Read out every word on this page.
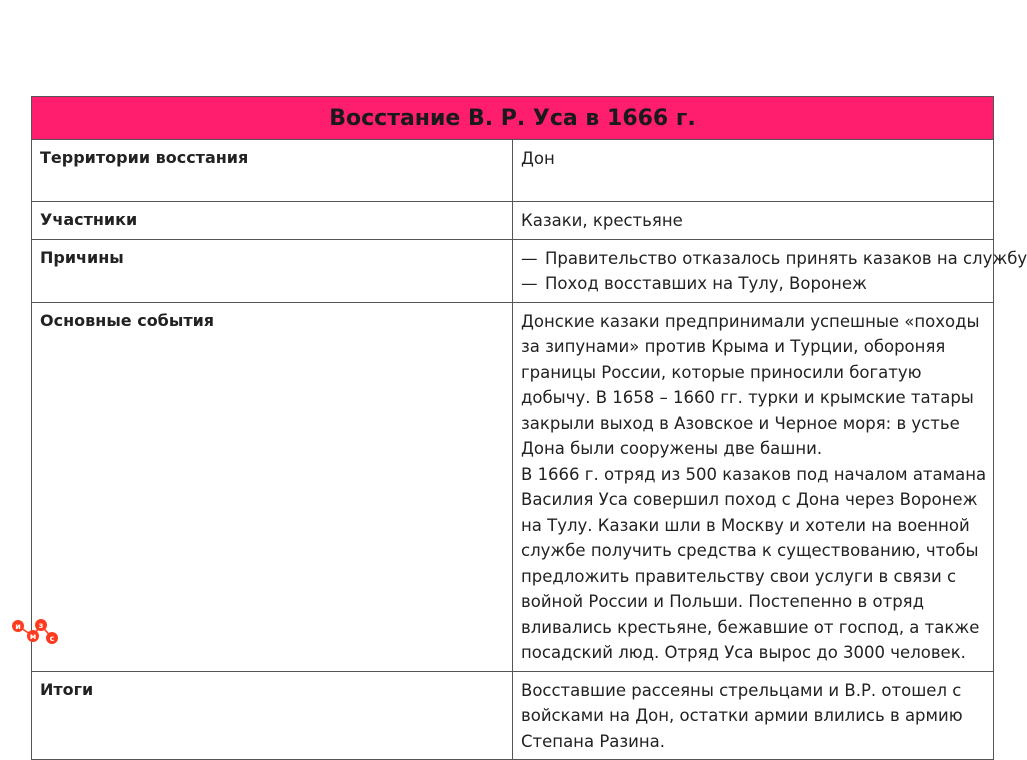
Восстание В. Р. Уса в 1666 г.	
Территории восстания	Дон
Участники	Казаки, крестьяне
Причины	— Правительство отказалось принять казаков на службу
— Поход восставших на Тулу, Воронеж

Основные события	Донские казаки предпринимали успешные «походы за зипунами» против Крыма и Турции, обороняя границы России, которые приносили богатую добычу. В 1658 – 1660 гг. турки и крымские татары закрыли выход в Азовское и Черное моря: в устье Дона были сооружены две башни.
В 1666 г. отряд из 500 казаков под началом атамана Василия Уса совершил поход с Дона через Воронеж на Тулу. Казаки шли в Москву и хотели на военной службе получить средства к существованию, чтобы предложить правительству свои услуги в связи с войной России и Польши. Постепенно в отряд вливались крестьяне, бежавшие от господ, а также посадский люд. Отряд Уса вырос до 3000 человек.

Итоги	Восставшие рассеяны стрельцами и В.Р. отошел с войсками на Дон, остатки армии влились в армию Степана Разина.
и
м
з
с
